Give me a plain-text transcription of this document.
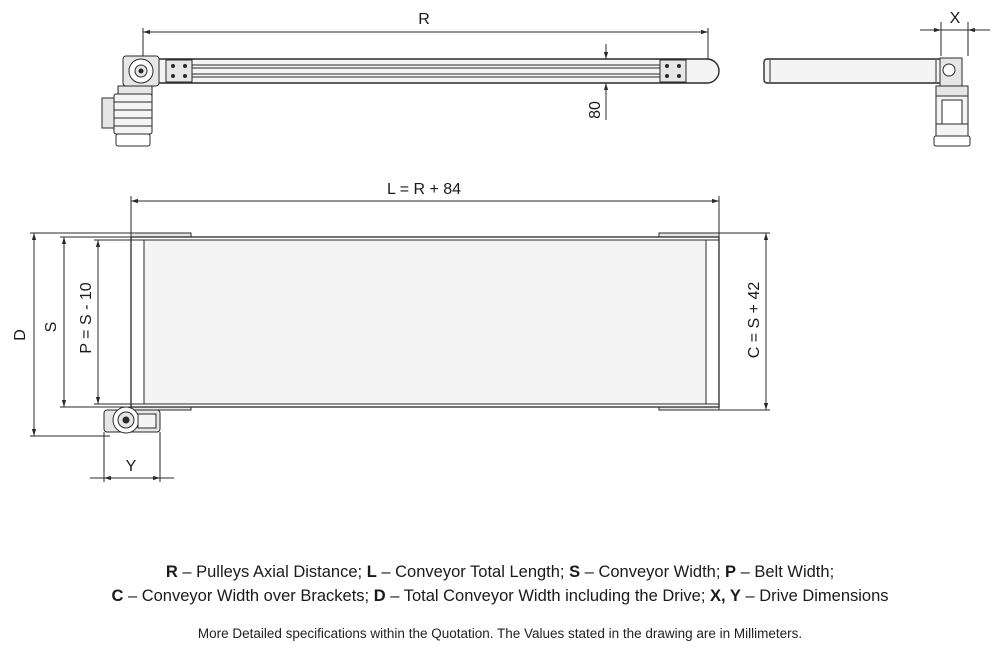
R
80
X
L = R + 84
D
S P = S - 10	C = S + 42
Y
R – Pulleys Axial Distance; L – Conveyor Total Length; S – Conveyor Width; P – Belt Width;
C – Conveyor Width over Brackets; D – Total Conveyor Width including the Drive; X, Y – Drive Dimensions
More Detailed specifications within the Quotation. The Values stated in the drawing are in Millimeters.
